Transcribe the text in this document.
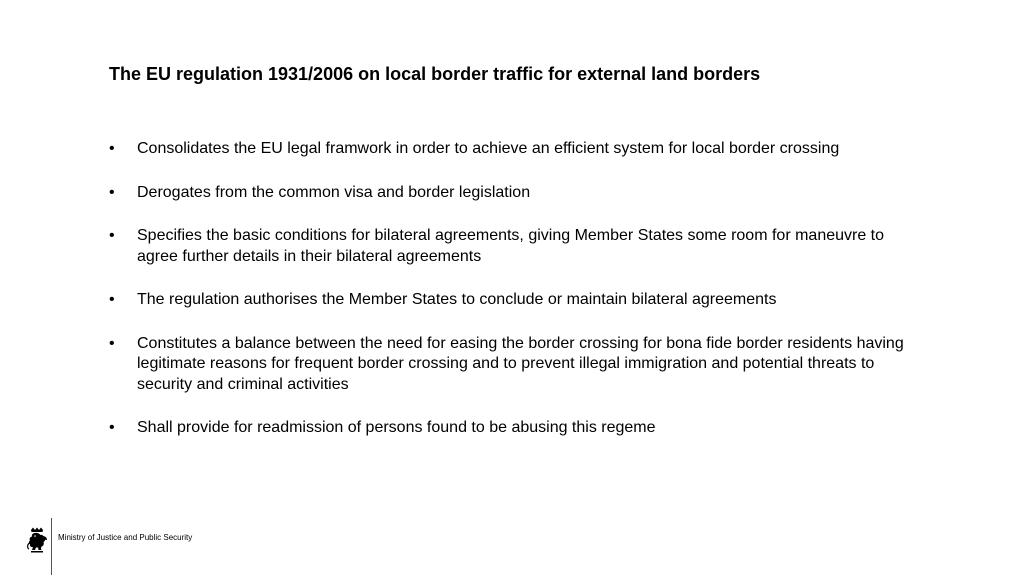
The EU regulation 1931/2006 on local border traffic for external land borders
• Consolidates the EU legal framwork in order to achieve an efficient system for local border crossing
• Derogates from the common visa and border legislation
• Specifies the basic conditions for bilateral agreements, giving Member States some room for maneuvre to agree further details in their bilateral agreements
• The regulation authorises the Member States to conclude or maintain bilateral agreements
• Constitutes a balance between the need for easing the border crossing for bona fide border residents having legitimate reasons for frequent border crossing and to prevent illegal immigration and potential threats to security and criminal activities
• Shall provide for readmission of persons found to be abusing this regeme
Ministry of Justice and Public Security
